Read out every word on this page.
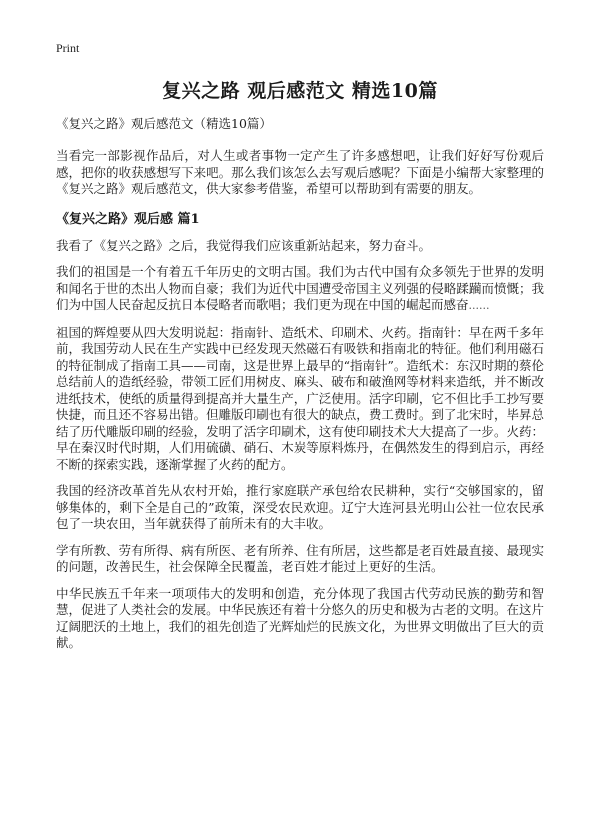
Print
复兴之路 观后感范文 精选10篇
《复兴之路》观后感范文（精选10篇）

当看完一部影视作品后，对人生或者事物一定产生了许多感想吧，让我们好好写份观后感，把你的收获感想写下来吧。那么我们该怎么去写观后感呢？下面是小编帮大家整理的《复兴之路》观后感范文，供大家参考借鉴，希望可以帮助到有需要的朋友。

《复兴之路》观后感 篇1

我看了《复兴之路》之后，我觉得我们应该重新站起来，努力奋斗。

我们的祖国是一个有着五千年历史的文明古国。我们为古代中国有众多领先于世界的发明和闻名于世的杰出人物而自豪；我们为近代中国遭受帝国主义列强的侵略蹂躏而愤慨；我们为中国人民奋起反抗日本侵略者而歌唱；我们更为现在中国的崛起而感奋......

祖国的辉煌要从四大发明说起：指南针、造纸术、印刷术、火药。指南针：早在两千多年前，我国劳动人民在生产实践中已经发现天然磁石有吸铁和指南北的特征。他们利用磁石的特征制成了指南工具——司南，这是世界上最早的“指南针”。造纸术：东汉时期的蔡伦总结前人的造纸经验，带领工匠们用树皮、麻头、破布和破渔网等材料来造纸，并不断改进纸技术，使纸的质量得到提高并大量生产，广泛使用。活字印刷，它不但比手工抄写要快捷，而且还不容易出错。但雕版印刷也有很大的缺点，费工费时。到了北宋时，毕昇总结了历代雕版印刷的经验，发明了活字印刷术，这有使印刷技术大大提高了一步。火药：早在秦汉时代时期，人们用硫磺、硝石、木炭等原料炼丹，在偶然发生的得到启示，再经不断的探索实践，逐渐掌握了火药的配方。

我国的经济改革首先从农村开始，推行家庭联产承包给农民耕种，实行“交够国家的，留够集体的，剩下全是自己的”政策，深受农民欢迎。辽宁大连河县光明山公社一位农民承包了一块农田，当年就获得了前所未有的大丰收。

学有所教、劳有所得、病有所医、老有所养、住有所居，这些都是老百姓最直接、最现实的问题，改善民生，社会保障全民覆盖，老百姓才能过上更好的生活。

中华民族五千年来一项项伟大的发明和创造，充分体现了我国古代劳动民族的勤劳和智慧，促进了人类社会的发展。中华民族还有着十分悠久的历史和极为古老的文明。在这片辽阔肥沃的土地上，我们的祖先创造了光辉灿烂的民族文化，为世界文明做出了巨大的贡献。
